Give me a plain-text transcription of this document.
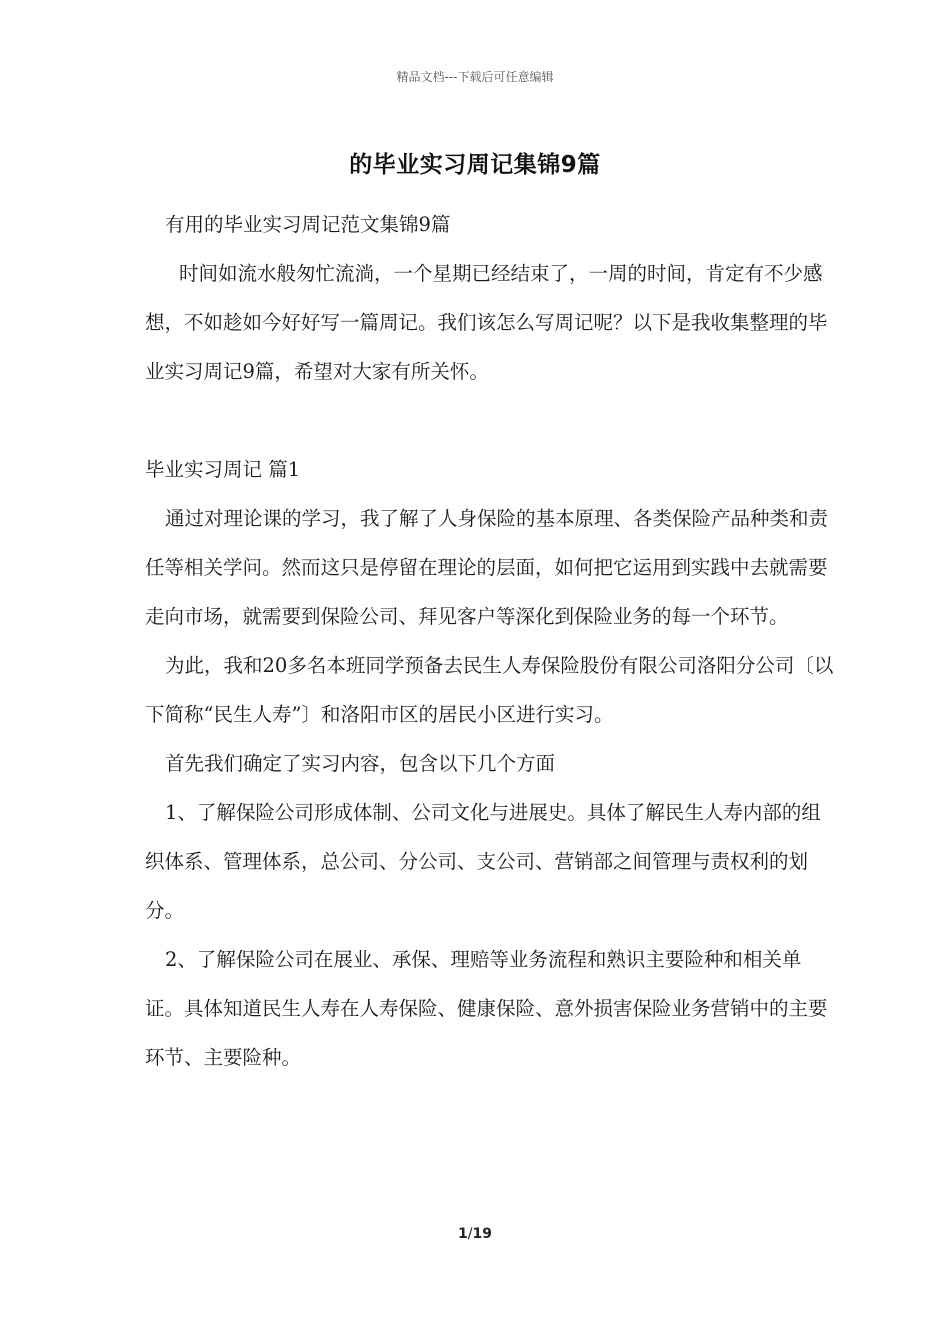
精品文档---下载后可任意编辑
的毕业实习周记集锦9篇

有用的毕业实习周记范文集锦9篇

时间如流水般匆忙流淌，一个星期已经结束了，一周的时间，肯定有不少感想，不如趁如今好好写一篇周记。我们该怎么写周记呢？以下是我收集整理的毕业实习周记9篇，希望对大家有所关怀。

毕业实习周记 篇1

通过对理论课的学习，我了解了人身保险的基本原理、各类保险产品种类和责任等相关学问。然而这只是停留在理论的层面，如何把它运用到实践中去就需要走向市场，就需要到保险公司、拜见客户等深化到保险业务的每一个环节。

为此，我和20多名本班同学预备去民生人寿保险股份有限公司洛阳分公司〔以下简称“民生人寿”〕和洛阳市区的居民小区进行实习。

首先我们确定了实习内容，包含以下几个方面

1、了解保险公司形成体制、公司文化与进展史。具体了解民生人寿内部的组织体系、管理体系，总公司、分公司、支公司、营销部之间管理与责权利的划分。

2、了解保险公司在展业、承保、理赔等业务流程和熟识主要险种和相关单证。具体知道民生人寿在人寿保险、健康保险、意外损害保险业务营销中的主要环节、主要险种。

1/19
